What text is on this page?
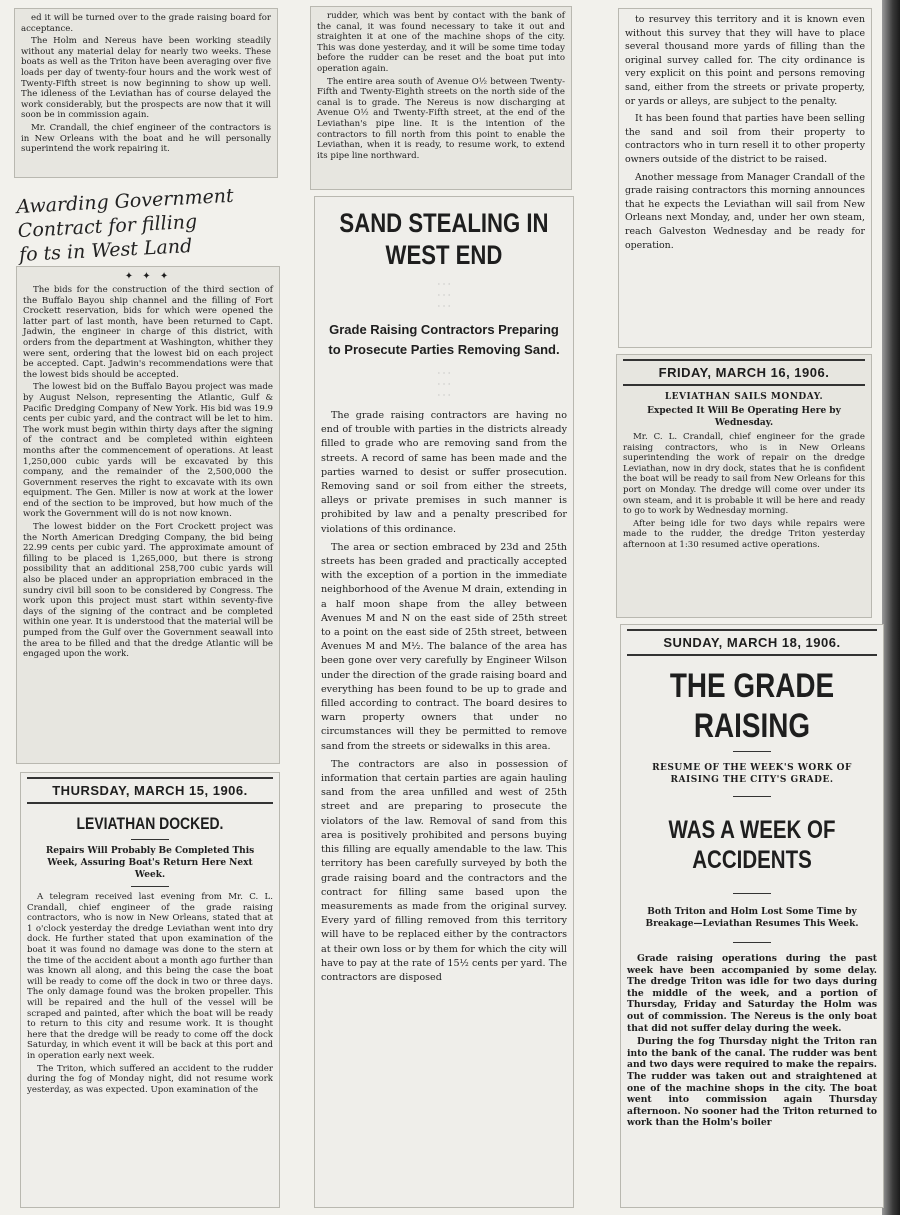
ed it will be turned over to the grade raising board for acceptance.

The Holm and Nereus have been working steadily without any material delay for nearly two weeks. These boats as well as the Triton have been averaging over five loads per day of twenty-four hours and the work west of Twenty-Fifth street is now beginning to show up well. The idleness of the Leviathan has of course delayed the work considerably, but the prospects are now that it will soon be in commission again.

Mr. Crandall, the chief engineer of the contractors is in New Orleans with the boat and he will personally superintend the work repairing it.

Awarding Government
Contract for filling
fo ts in West Land
✦ ✦ ✦

The bids for the construction of the third section of the Buffalo Bayou ship channel and the filling of Fort Crockett reservation, bids for which were opened the latter part of last month, have been returned to Capt. Jadwin, the engineer in charge of this district, with orders from the department at Washington, whither they were sent, ordering that the lowest bid on each project be accepted. Capt. Jadwin's recommendations were that the lowest bids should be accepted.

The lowest bid on the Buffalo Bayou project was made by August Nelson, representing the Atlantic, Gulf & Pacific Dredging Company of New York. His bid was 19.9 cents per cubic yard, and the contract will be let to him. The work must begin within thirty days after the signing of the contract and be completed within eighteen months after the commencement of operations. At least 1,250,000 cubic yards will be excavated by this company, and the remainder of the 2,500,000 the Government reserves the right to excavate with its own equipment. The Gen. Miller is now at work at the lower end of the section to be improved, but how much of the work the Government will do is not now known.

The lowest bidder on the Fort Crockett project was the North American Dredging Company, the bid being 22.99 cents per cubic yard. The approximate amount of filling to be placed is 1,265,000, but there is strong possibility that an additional 258,700 cubic yards will also be placed under an appropriation embraced in the sundry civil bill soon to be considered by Congress. The work upon this project must start within seventy-five days of the signing of the contract and be completed within one year. It is understood that the material will be pumped from the Gulf over the Government seawall into the area to be filled and that the dredge Atlantic will be engaged upon the work.

THURSDAY, MARCH 15, 1906.
LEVIATHAN DOCKED.
Repairs Will Probably Be Completed This Week, Assuring Boat's Return Here Next Week.

A telegram received last evening from Mr. C. L. Crandall, chief engineer of the grade raising contractors, who is now in New Orleans, stated that at 1 o'clock yesterday the dredge Leviathan went into dry dock. He further stated that upon examination of the boat it was found no damage was done to the stern at the time of the accident about a month ago further than was known all along, and this being the case the boat will be ready to come off the dock in two or three days. The only damage found was the broken propeller. This will be repaired and the hull of the vessel will be scraped and painted, after which the boat will be ready to return to this city and resume work. It is thought here that the dredge will be ready to come off the dock Saturday, in which event it will be back at this port and in operation early next week.

The Triton, which suffered an accident to the rudder during the fog of Monday night, did not resume work yesterday, as was expected. Upon examination of the

rudder, which was bent by contact with the bank of the canal, it was found necessary to take it out and straighten it at one of the machine shops of the city. This was done yesterday, and it will be some time today before the rudder can be reset and the boat put into operation again.

The entire area south of Avenue O½ between Twenty-Fifth and Twenty-Eighth streets on the north side of the canal is to grade. The Nereus is now discharging at Avenue O½ and Twenty-Fifth street, at the end of the Leviathan's pipe line. It is the intention of the contractors to fill north from this point to enable the Leviathan, when it is ready, to resume work, to extend its pipe line northward.

SAND STEALING IN WEST END
· · ·
· · ·
· · ·
Grade Raising Contractors Preparing to Prosecute Parties Removing Sand.
· · ·
· · ·
· · ·

The grade raising contractors are having no end of trouble with parties in the districts already filled to grade who are removing sand from the streets. A record of same has been made and the parties warned to desist or suffer prosecution. Removing sand or soil from either the streets, alleys or private premises in such manner is prohibited by law and a penalty prescribed for violations of this ordinance.

The area or section embraced by 23d and 25th streets has been graded and practically accepted with the exception of a portion in the immediate neighborhood of the Avenue M drain, extending in a half moon shape from the alley between Avenues M and N on the east side of 25th street to a point on the east side of 25th street, between Avenues M and M½. The balance of the area has been gone over very carefully by Engineer Wilson under the direction of the grade raising board and everything has been found to be up to grade and filled according to contract. The board desires to warn property owners that under no circumstances will they be permitted to remove sand from the streets or sidewalks in this area.

The contractors are also in possession of information that certain parties are again hauling sand from the area unfilled and west of 25th street and are preparing to prosecute the violators of the law. Removal of sand from this area is positively prohibited and persons buying this filling are equally amendable to the law. This territory has been carefully surveyed by both the grade raising board and the contractors and the contract for filling same based upon the measurements as made from the original survey. Every yard of filling removed from this territory will have to be replaced either by the contractors at their own loss or by them for which the city will have to pay at the rate of 15½ cents per yard. The contractors are disposed

to resurvey this territory and it is known even without this survey that they will have to place several thousand more yards of filling than the original survey called for. The city ordinance is very explicit on this point and persons removing sand, either from the streets or private property, or yards or alleys, are subject to the penalty.

It has been found that parties have been selling the sand and soil from their property to contractors who in turn resell it to other property owners outside of the district to be raised.

Another message from Manager Crandall of the grade raising contractors this morning announces that he expects the Leviathan will sail from New Orleans next Monday, and, under her own steam, reach Galveston Wednesday and be ready for operation.

FRIDAY, MARCH 16, 1906.
LEVIATHAN SAILS MONDAY.
Expected It Will Be Operating Here by Wednesday.

Mr. C. L. Crandall, chief engineer for the grade raising contractors, who is in New Orleans superintending the work of repair on the dredge Leviathan, now in dry dock, states that he is confident the boat will be ready to sail from New Orleans for this port on Monday. The dredge will come over under its own steam, and it is probable it will be here and ready to go to work by Wednesday morning.

After being idle for two days while repairs were made to the rudder, the dredge Triton yesterday afternoon at 1:30 resumed active operations.

SUNDAY, MARCH 18, 1906.
THE GRADE RAISING
RESUME OF THE WEEK'S WORK OF RAISING THE CITY'S GRADE.
WAS A WEEK OF ACCIDENTS
Both Triton and Holm Lost Some Time by Breakage—Leviathan Resumes This Week.

Grade raising operations during the past week have been accompanied by some delay. The dredge Triton was idle for two days during the middle of the week, and a portion of Thursday, Friday and Saturday the Holm was out of commission. The Nereus is the only boat that did not suffer delay during the week.

During the fog Thursday night the Triton ran into the bank of the canal. The rudder was bent and two days were required to make the repairs. The rudder was taken out and straightened at one of the machine shops in the city. The boat went into commission again Thursday afternoon. No sooner had the Triton returned to work than the Holm's boiler
